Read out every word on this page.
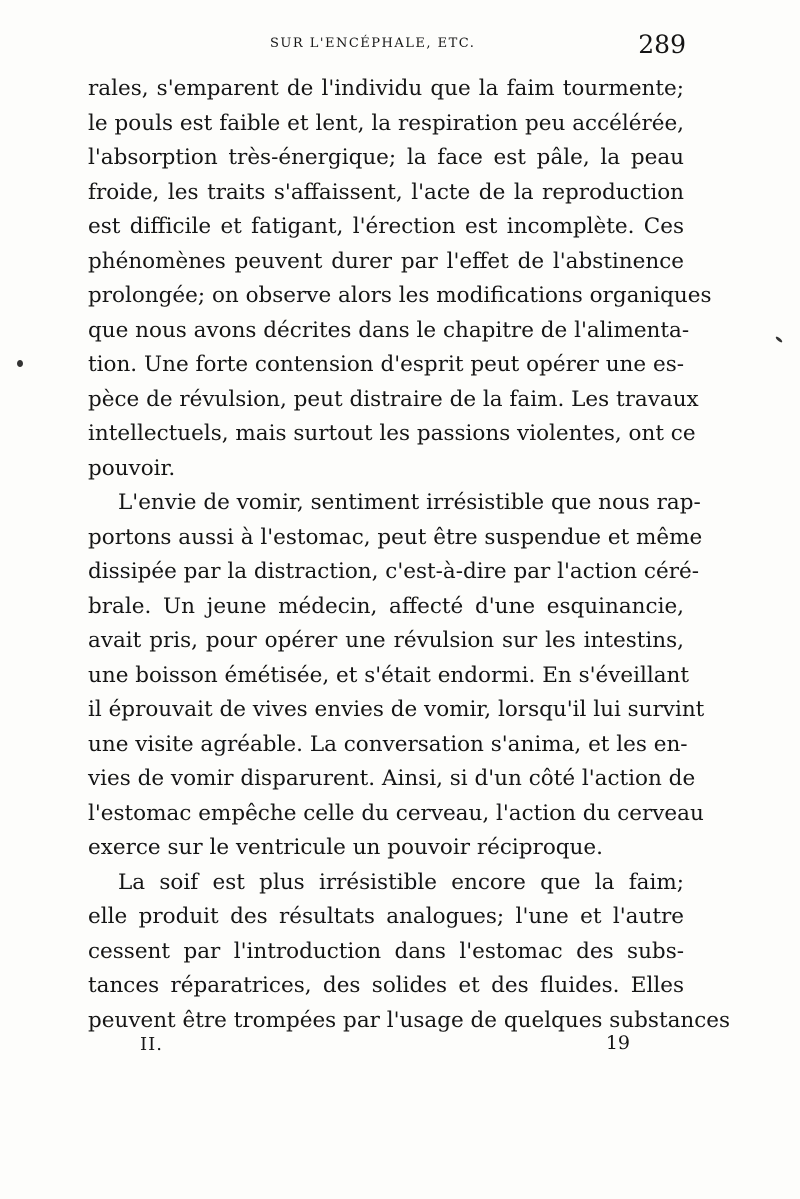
SUR L'ENCÉPHALE, ETC.	289
rales, s'emparent de l'individu que la faim tourmente;
le pouls est faible et lent, la respiration peu accélérée,
l'absorption très-énergique; la face est pâle, la peau
froide, les traits s'affaissent, l'acte de la reproduction
est difficile et fatigant, l'érection est incomplète. Ces
phénomènes peuvent durer par l'effet de l'abstinence
prolongée; on observe alors les modifications organiques
que nous avons décrites dans le chapitre de l'alimenta-
tion. Une forte contension d'esprit peut opérer une es-
pèce de révulsion, peut distraire de la faim. Les travaux
intellectuels, mais surtout les passions violentes, ont ce
pouvoir.
L'envie de vomir, sentiment irrésistible que nous rap-
portons aussi à l'estomac, peut être suspendue et même
dissipée par la distraction, c'est-à-dire par l'action céré-
brale. Un jeune médecin, affecté d'une esquinancie,
avait pris, pour opérer une révulsion sur les intestins,
une boisson émétisée, et s'était endormi. En s'éveillant
il éprouvait de vives envies de vomir, lorsqu'il lui survint
une visite agréable. La conversation s'anima, et les en-
vies de vomir disparurent. Ainsi, si d'un côté l'action de
l'estomac empêche celle du cerveau, l'action du cerveau
exerce sur le ventricule un pouvoir réciproque.
La soif est plus irrésistible encore que la faim;
elle produit des résultats analogues; l'une et l'autre
cessent par l'introduction dans l'estomac des subs-
tances réparatrices, des solides et des fluides. Elles
peuvent être trompées par l'usage de quelques substances
II.	19
